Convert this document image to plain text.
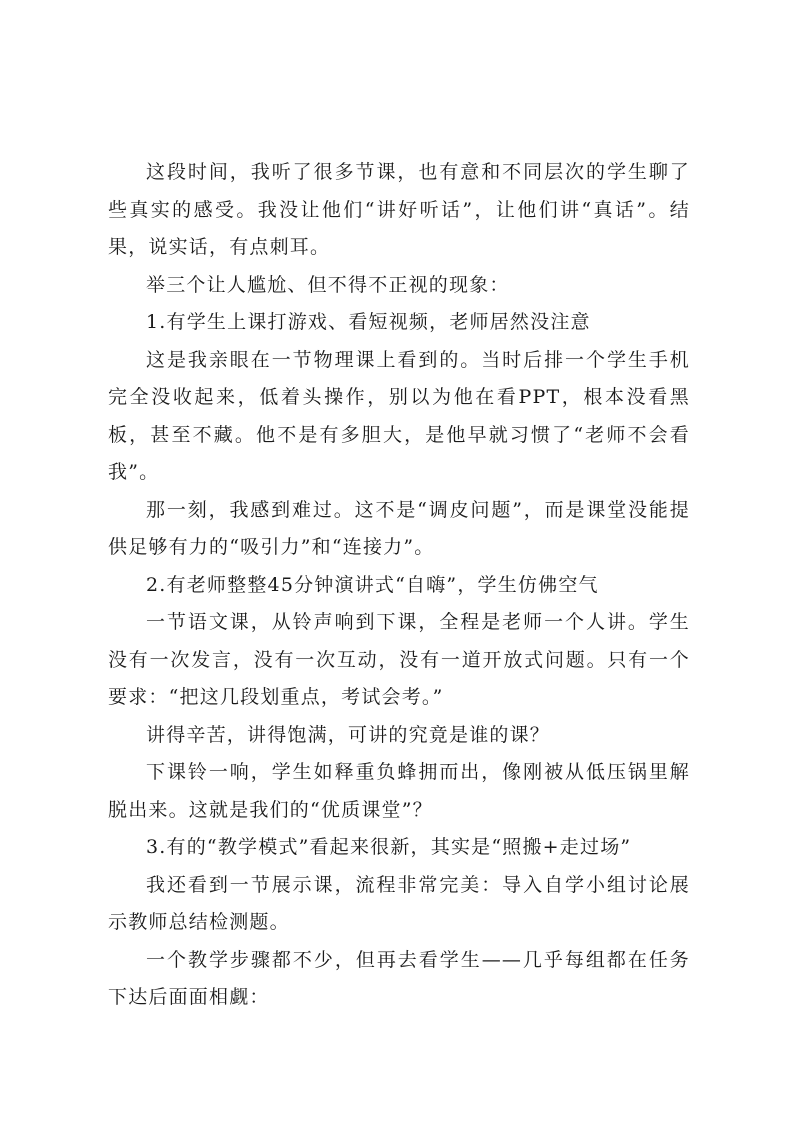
这段时间，我听了很多节课，也有意和不同层次的学生聊了些真实的感受。我没让他们“讲好听话”，让他们讲“真话”。结果，说实话，有点刺耳。

举三个让人尴尬、但不得不正视的现象：

1.有学生上课打游戏、看短视频，老师居然没注意

这是我亲眼在一节物理课上看到的。当时后排一个学生手机完全没收起来，低着头操作，别以为他在看PPT，根本没看黑板，甚至不藏。他不是有多胆大，是他早就习惯了“老师不会看我”。

那一刻，我感到难过。这不是“调皮问题”，而是课堂没能提供足够有力的“吸引力”和“连接力”。

2.有老师整整45分钟演讲式“自嗨”，学生仿佛空气

一节语文课，从铃声响到下课，全程是老师一个人讲。学生没有一次发言，没有一次互动，没有一道开放式问题。只有一个要求：“把这几段划重点，考试会考。”

讲得辛苦，讲得饱满，可讲的究竟是谁的课？

下课铃一响，学生如释重负蜂拥而出，像刚被从低压锅里解脱出来。这就是我们的“优质课堂”？

3.有的“教学模式”看起来很新，其实是“照搬+走过场”

我还看到一节展示课，流程非常完美：导入自学小组讨论展示教师总结检测题。

一个教学步骤都不少，但再去看学生——几乎每组都在任务下达后面面相觑：
